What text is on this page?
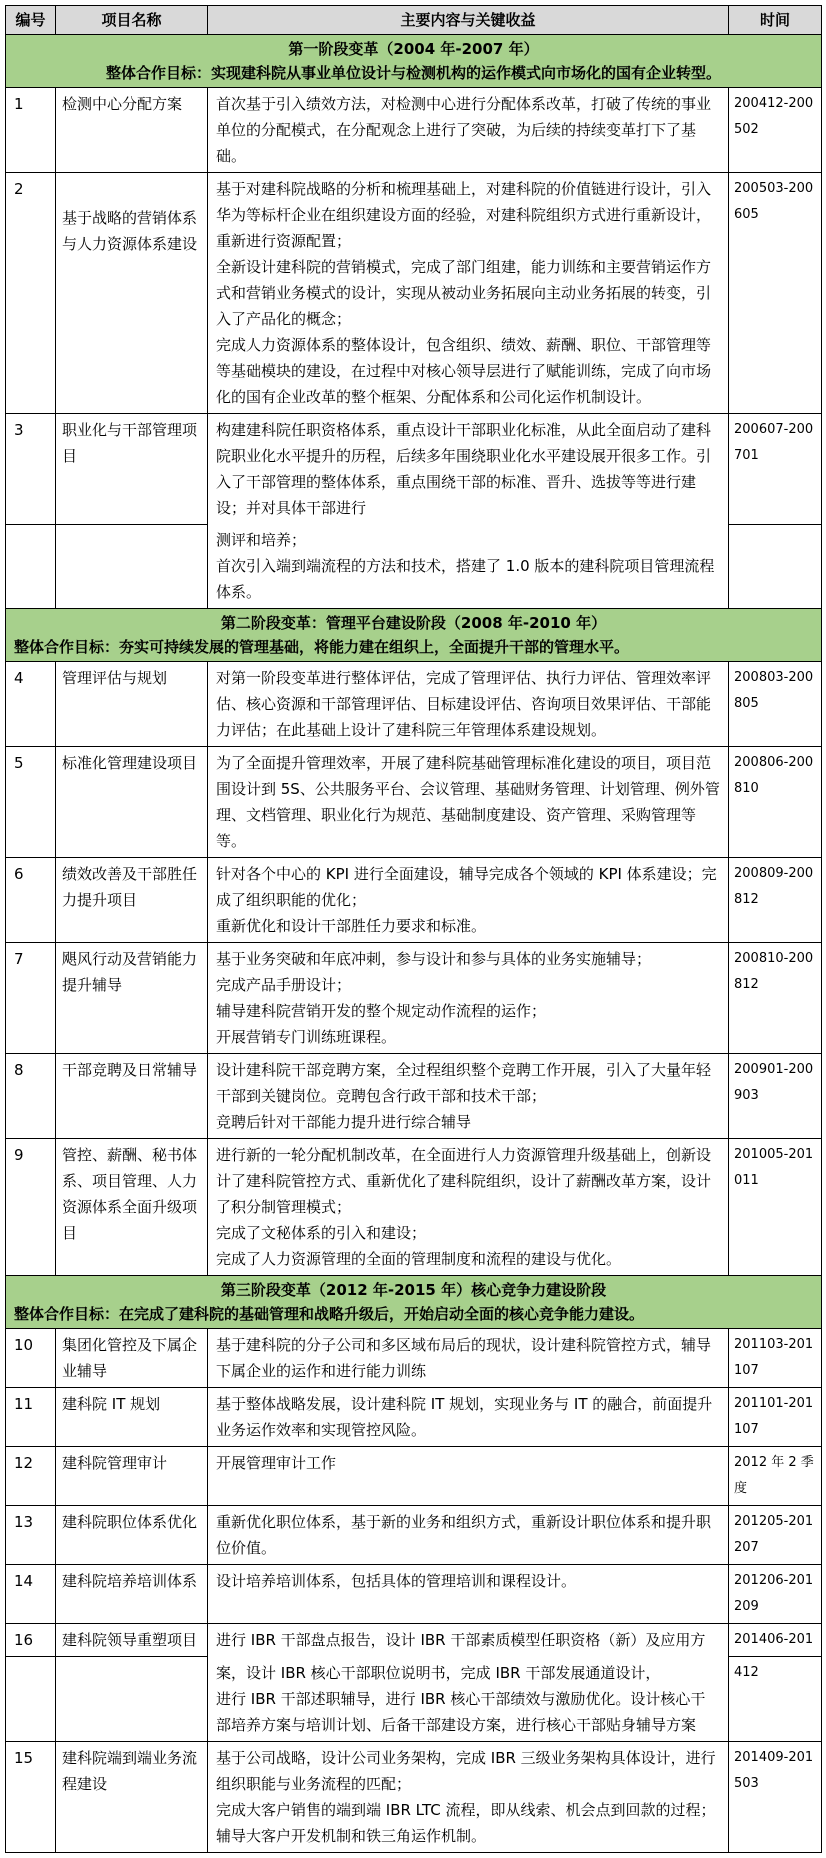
编号	项目名称	主要内容与关键收益	时间

第一阶段变革（2004 年-2007 年）
整体合作目标：实现建科院从事业单位设计与检测机构的运作模式向市场化的国有企业转型。			

1	检测中心分配方案	首次基于引入绩效方法，对检测中心进行分配体系改革，打破了传统的事业单位的分配模式，在分配观念上进行了突破，为后续的持续变革打下了基础。	200412-200502
2	基于战略的营销体系与人力资源体系建设	基于对建科院战略的分析和梳理基础上，对建科院的价值链进行设计，引入华为等标杆企业在组织建设方面的经验，对建科院组织方式进行重新设计，重新进行资源配置；

全新设计建科院的营销模式，完成了部门组建，能力训练和主要营销运作方式和营销业务模式的设计，实现从被动业务拓展向主动业务拓展的转变，引入了产品化的概念；

完成人力资源体系的整体设计，包含组织、绩效、薪酬、职位、干部管理等等基础模块的建设，在过程中对核心领导层进行了赋能训练，完成了向市场化的国有企业改革的整个框架、分配体系和公司化运作机制设计。	200503-200605
3	职业化与干部管理项目	构建建科院任职资格体系，重点设计干部职业化标准，从此全面启动了建科院职业化水平提升的历程，后续多年围绕职业化水平建设展开很多工作。引入了干部管理的整体体系，重点围绕干部的标准、晋升、选拔等等进行建设；并对具体干部进行	200607-200701

		测评和培养；

首次引入端到端流程的方法和技术，搭建了 1.0 版本的建科院项目管理流程体系。	

第二阶段变革：管理平台建设阶段（2008 年-2010 年）
整体合作目标：夯实可持续发展的管理基础，将能力建在组织上，全面提升干部的管理水平。			

4	管理评估与规划	对第一阶段变革进行整体评估，完成了管理评估、执行力评估、管理效率评估、核心资源和干部管理评估、目标建设评估、咨询项目效果评估、干部能力评估；在此基础上设计了建科院三年管理体系建设规划。	200803-200805
5	标准化管理建设项目	为了全面提升管理效率，开展了建科院基础管理标准化建设的项目，项目范围设计到 5S、公共服务平台、会议管理、基础财务管理、计划管理、例外管理、文档管理、职业化行为规范、基础制度建设、资产管理、采购管理等等。	200806-200810
6	绩效改善及干部胜任力提升项目	针对各个中心的 KPI 进行全面建设，辅导完成各个领域的 KPI 体系建设；完成了组织职能的优化；

重新优化和设计干部胜任力要求和标准。	200809-200812
7	飓风行动及营销能力提升辅导	基于业务突破和年底冲刺，参与设计和参与具体的业务实施辅导；

完成产品手册设计；

辅导建科院营销开发的整个规定动作流程的运作；

开展营销专门训练班课程。	200810-200812
8	干部竞聘及日常辅导	设计建科院干部竞聘方案，全过程组织整个竞聘工作开展，引入了大量年轻干部到关键岗位。竞聘包含行政干部和技术干部；

竞聘后针对干部能力提升进行综合辅导	200901-200903
9	管控、薪酬、秘书体系、项目管理、人力资源体系全面升级项目	进行新的一轮分配机制改革，在全面进行人力资源管理升级基础上，创新设计了建科院管控方式、重新优化了建科院组织，设计了薪酬改革方案，设计了积分制管理模式；

完成了文秘体系的引入和建设；

完成了人力资源管理的全面的管理制度和流程的建设与优化。	201005-201011

第三阶段变革（2012 年-2015 年）核心竞争力建设阶段
整体合作目标：在完成了建科院的基础管理和战略升级后，开始启动全面的核心竞争能力建设。			

10	集团化管控及下属企业辅导	基于建科院的分子公司和多区域布局后的现状，设计建科院管控方式，辅导下属企业的运作和进行能力训练	201103-201107
11	建科院 IT 规划	基于整体战略发展，设计建科院 IT 规划，实现业务与 IT 的融合，前面提升业务运作效率和实现管控风险。	201101-201107
12	建科院管理审计	开展管理审计工作	2012 年 2 季度
13	建科院职位体系优化	重新优化职位体系，基于新的业务和组织方式，重新设计职位体系和提升职位价值。	201205-201207
14	建科院培养培训体系	设计培养培训体系，包括具体的管理培训和课程设计。	201206-201209
16	建科院领导重塑项目	进行 IBR 干部盘点报告，设计 IBR 干部素质模型任职资格（新）及应用方	201406-201

		案，设计 IBR 核心干部职位说明书，完成 IBR 干部发展通道设计，

进行 IBR 干部述职辅导，进行 IBR 核心干部绩效与激励优化。设计核心干

部培养方案与培训计划、后备干部建设方案，进行核心干部贴身辅导方案	412
15	建科院端到端业务流程建设	基于公司战略，设计公司业务架构，完成 IBR 三级业务架构具体设计，进行组织职能与业务流程的匹配；

完成大客户销售的端到端 IBR LTC 流程，即从线索、机会点到回款的过程；

辅导大客户开发机制和铁三角运作机制。	201409-201503
